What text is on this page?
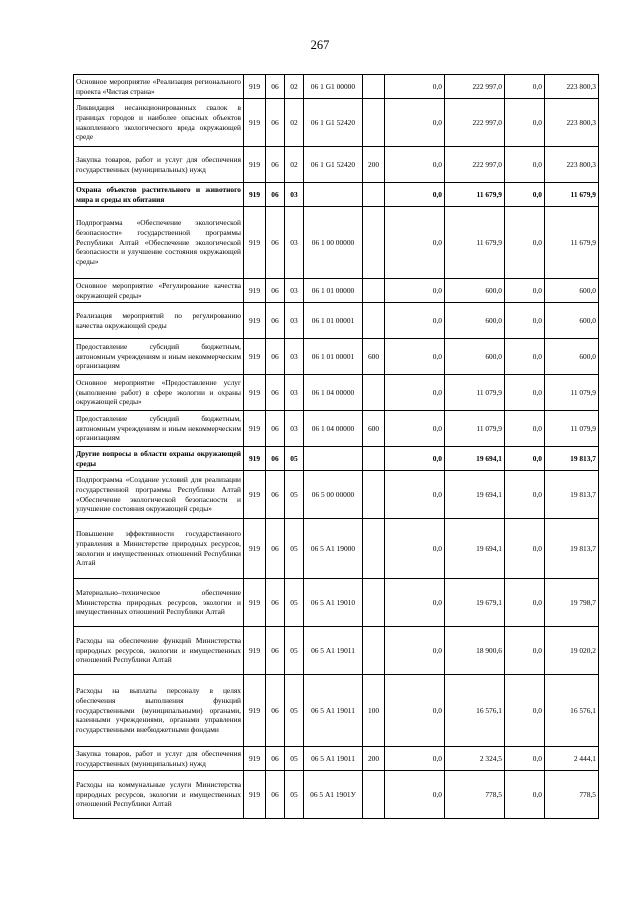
267
Основное мероприятие «Реализация регионального проекта «Чистая страна»	919	06	02	06 1 G1 00000		0,0	222 997,0	0,0	223 800,3
Ликвидация несанкционированных свалок в границах городов и наиболее опасных объектов накопленного экологического вреда окружающей среде	919	06	02	06 1 G1 52420		0,0	222 997,0	0,0	223 800,3
Закупка товаров, работ и услуг для обеспечения государственных (муниципальных) нужд	919	06	02	06 1 G1 52420	200	0,0	222 997,0	0,0	223 800,3
Охрана объектов растительного и животного мира и среды их обитания	919	06	03			0,0	11 679,9	0,0	11 679,9
Подпрограмма «Обеспечение экологической безопасности» государственной программы Республики Алтай «Обеспечение экологической безопасности и улучшение состояния окружающей среды»	919	06	03	06 1 00 00000		0,0	11 679,9	0,0	11 679,9
Основное мероприятие «Регулирование качества окружающей среды»	919	06	03	06 1 01 00000		0,0	600,0	0,0	600,0
Реализация мероприятий по регулированию качества окружающей среды	919	06	03	06 1 01 00001		0,0	600,0	0,0	600,0
Предоставление субсидий бюджетным, автономным учреждениям и иным некоммерческим организациям	919	06	03	06 1 01 00001	600	0,0	600,0	0,0	600,0
Основное мероприятие «Предоставление услуг (выполнение работ) в сфере экологии и охраны окружающей среды»	919	06	03	06 1 04 00000		0,0	11 079,9	0,0	11 079,9
Предоставление субсидий бюджетным, автономным учреждениям и иным некоммерческим организациям	919	06	03	06 1 04 00000	600	0,0	11 079,9	0,0	11 079,9
Другие вопросы в области охраны окружающей среды	919	06	05			0,0	19 694,1	0,0	19 813,7
Подпрограмма «Создание условий для реализации государственной программы Республики Алтай «Обеспечение экологической безопасности и улучшение состояния окружающей среды»	919	06	05	06 5 00 00000		0,0	19 694,1	0,0	19 813,7
Повышение эффективности государственного управления в Министерстве природных ресурсов, экологии и имущественных отношений Республики Алтай	919	06	05	06 5 А1 19000		0,0	19 694,1	0,0	19 813,7
Материально–техническое обеспечение Министерства природных ресурсов, экологии и имущественных отношений Республики Алтай	919	06	05	06 5 А1 19010		0,0	19 679,1	0,0	19 798,7
Расходы на обеспечение функций Министерства природных ресурсов, экологии и имущественных отношений Республики Алтай	919	06	05	06 5 А1 19011		0,0	18 900,6	0,0	19 020,2
Расходы на выплаты персоналу в целях обеспечения выполнения функций государственными (муниципальными) органами, казенными учреждениями, органами управления государственными внебюджетными фондами	919	06	05	06 5 А1 19011	100	0,0	16 576,1	0,0	16 576,1
Закупка товаров, работ и услуг для обеспечения государственных (муниципальных) нужд	919	06	05	06 5 А1 19011	200	0,0	2 324,5	0,0	2 444,1
Расходы на коммунальные услуги Министерства природных ресурсов, экологии и имущественных отношений Республики Алтай	919	06	05	06 5 А1 1901У		0,0	778,5	0,0	778,5
